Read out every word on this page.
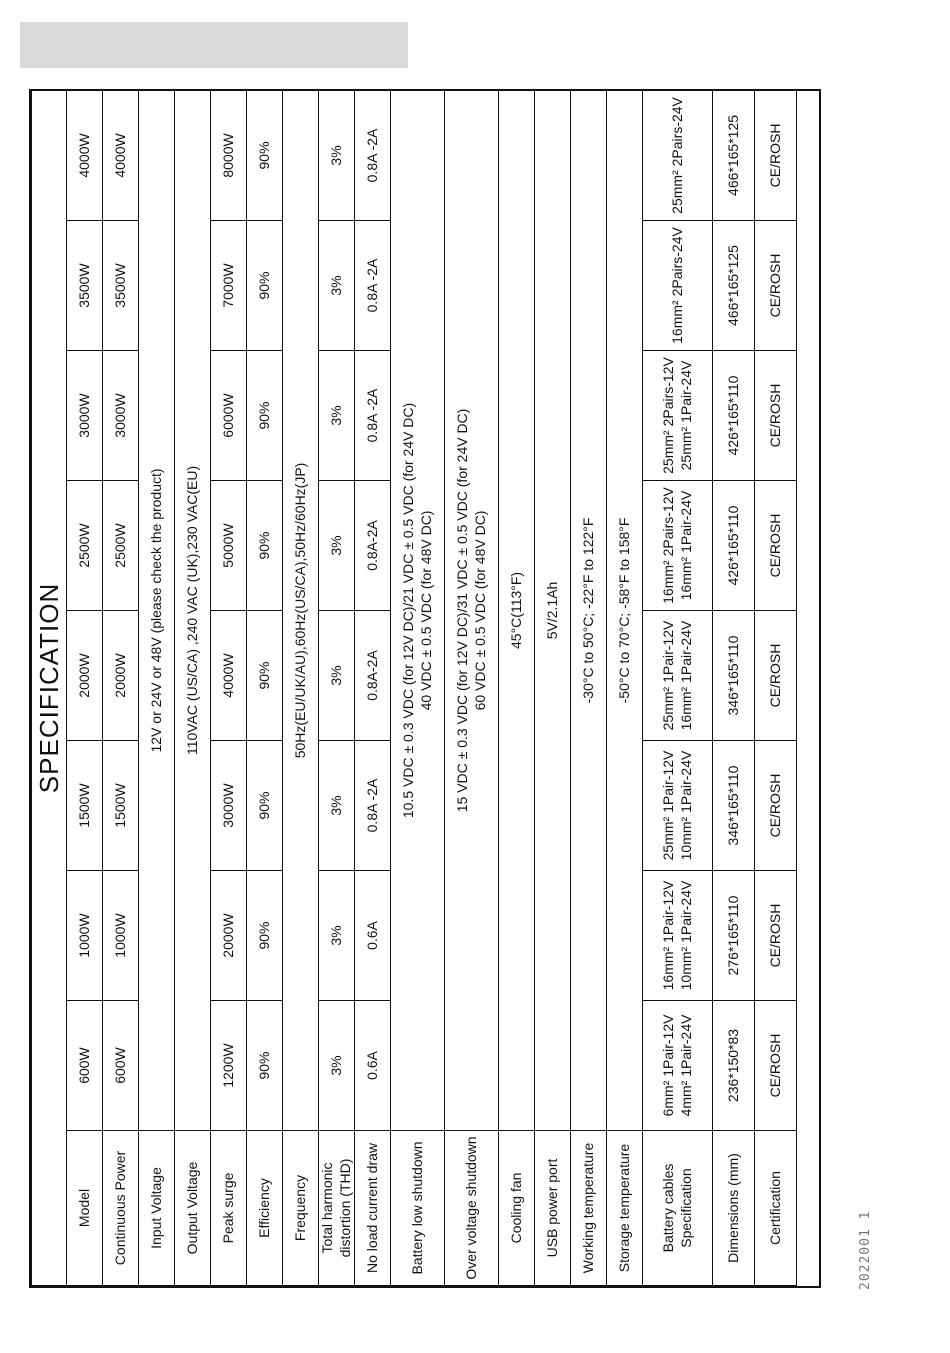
SPECIFICATION								
Model	600W	1000W	1500W	2000W	2500W	3000W	3500W	4000W
Continuous Power	600W	1000W	1500W	2000W	2500W	3000W	3500W	4000W
Input Voltage	12V or 24V or 48V (please check the product)							
Output Voltage	110VAC (US/CA) ,240 VAC (UK),230 VAC(EU)							
Peak surge	1200W	2000W	3000W	4000W	5000W	6000W	7000W	8000W
Efficiency	90%	90%	90%	90%	90%	90%	90%	90%
Frequency	50Hz(EU/UK/AU),60Hz(US/CA),50Hz/60Hz(JP)							
Total harmonic distortion (THD)	3%	3%	3%	3%	3%	3%	3%	3%
No load current draw	0.6A	0.6A	0.8A -2A	0.8A-2A	0.8A-2A	0.8A -2A	0.8A -2A	0.8A -2A
Battery low shutdown	10.5 VDC ± 0.3 VDC (for 12V DC)/21 VDC ± 0.5 VDC (for 24V DC) 40 VDC ± 0.5 VDC (for 48V DC)							

Over voltage shutdown	15 VDC ± 0.3 VDC (for 12V DC)/31 VDC ± 0.5 VDC (for 24V DC) 60 VDC ± 0.5 VDC (for 48V DC)							

Cooling fan	45°C(113°F)							
USB power port	5V/2.1Ah							
Working temperature	-30°C to 50°C; -22°F to 122°F							
Storage temperature	-50°C to 70°C; -58°F to 158°F							

Battery cables Specification	6mm² 1Pair-12V 4mm² 1Pair-24V	16mm² 1Pair-12V 10mm² 1Pair-24V	25mm² 1Pair-12V 10mm² 1Pair-24V	25mm² 1Pair-12V 16mm² 1Pair-24V	16mm² 2Pairs-12V 16mm² 1Pair-24V	25mm² 2Pairs-12V 25mm² 1Pair-24V	16mm² 2Pairs-24V	25mm² 2Pairs-24V

Dimensions (mm)	236*150*83	276*165*110	346*165*110	346*165*110	426*165*110	426*165*110	466*165*125	466*165*125
Certification	CE/ROSH	CE/ROSH	CE/ROSH	CE/ROSH	CE/ROSH	CE/ROSH	CE/ROSH	CE/ROSH
2022001 1
